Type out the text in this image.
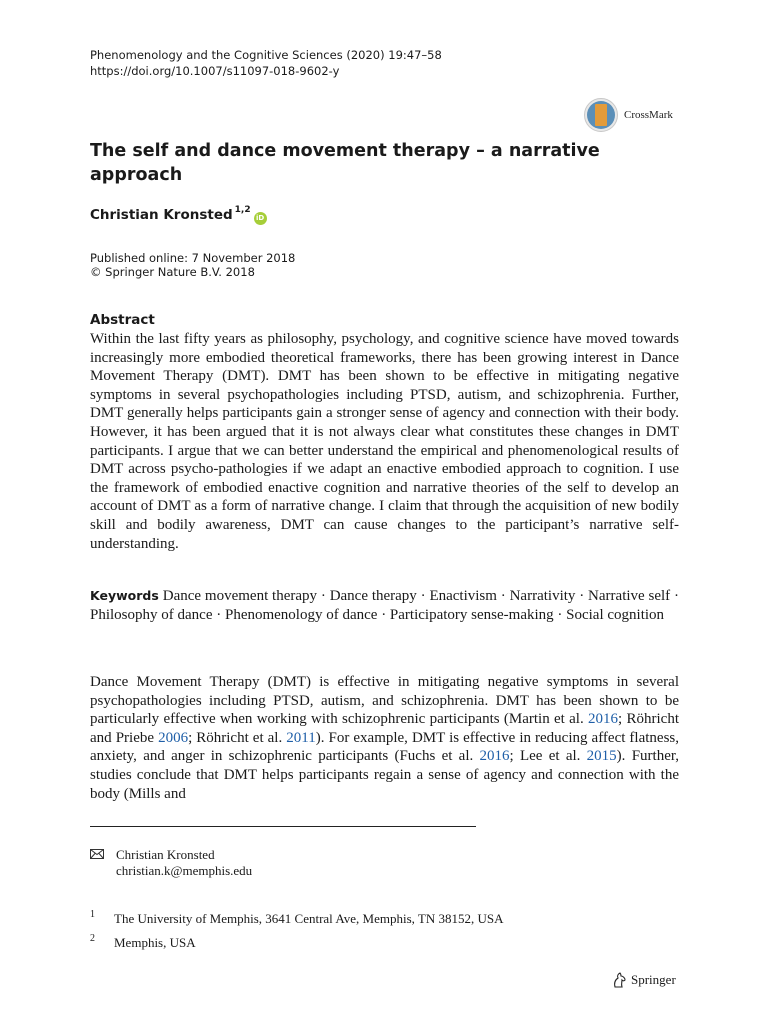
Phenomenology and the Cognitive Sciences (2020) 19:47–58
https://doi.org/10.1007/s11097-018-9602-y
CrossMark
The self and dance movement therapy – a narrative approach
Christian Kronsted$^{1,2}$
iD
Published online: 7 November 2018
© Springer Nature B.V. 2018
Abstract
Within the last fifty years as philosophy, psychology, and cognitive science have moved towards increasingly more embodied theoretical frameworks, there has been growing interest in Dance Movement Therapy (DMT). DMT has been shown to be effective in mitigating negative symptoms in several psychopathologies including PTSD, autism, and schizophrenia. Further, DMT generally helps participants gain a stronger sense of agency and connection with their body. However, it has been argued that it is not always clear what constitutes these changes in DMT participants. I argue that we can better understand the empirical and phenomenological results of DMT across psycho-pathologies if we adapt an enactive embodied approach to cognition. I use the framework of embodied enactive cognition and narrative theories of the self to develop an account of DMT as a form of narrative change. I claim that through the acquisition of new bodily skill and bodily awareness, DMT can cause changes to the participant’s narrative self-understanding.
Keywords Dance movement therapy · Dance therapy · Enactivism · Narrativity · Narrative self · Philosophy of dance · Phenomenology of dance · Participatory sense-making · Social cognition
Dance Movement Therapy (DMT) is effective in mitigating negative symptoms in several psychopathologies including PTSD, autism, and schizophrenia. DMT has been shown to be particularly effective when working with schizophrenic participants (Martin et al. 2016; Röhricht and Priebe 2006; Röhricht et al. 2011). For example, DMT is effective in reducing affect flatness, anxiety, and anger in schizophrenic participants (Fuchs et al. 2016; Lee et al. 2015). Further, studies conclude that DMT helps participants regain a sense of agency and connection with the body (Mills and
Christian Kronsted
christian.k@memphis.edu
1 The University of Memphis, 3641 Central Ave, Memphis, TN 38152, USA
2 Memphis, USA
Springer
